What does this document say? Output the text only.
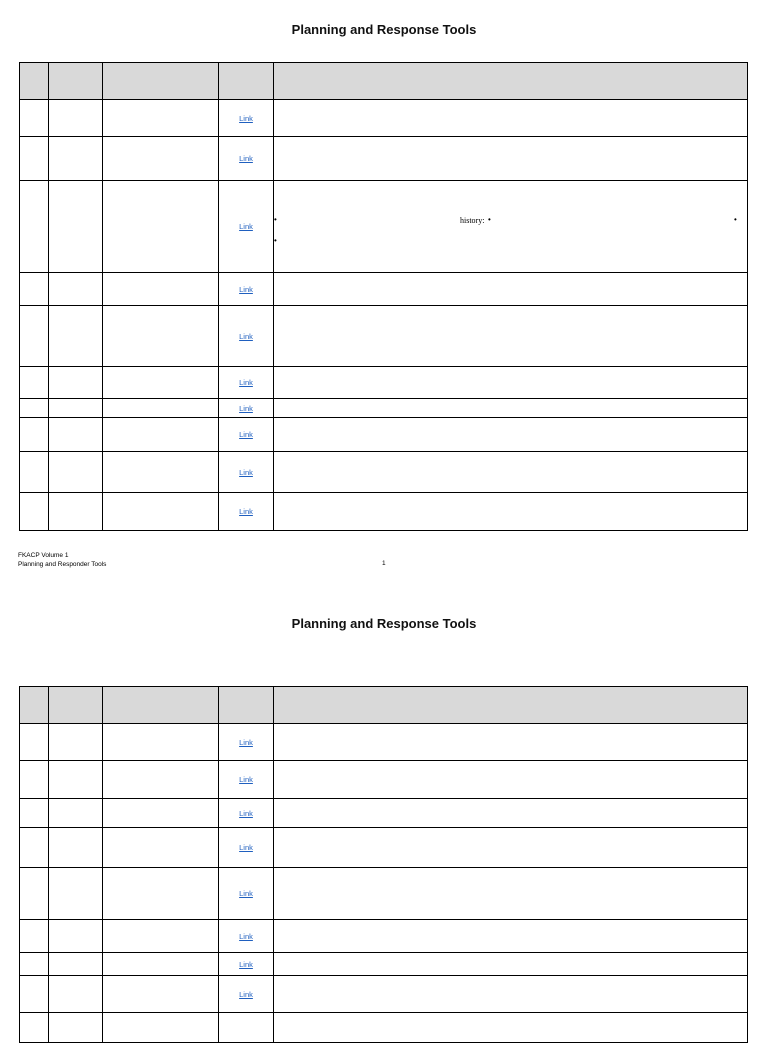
Planning and Response Tools

			Link	
			Link	
			Link	• history: • •
•

			Link	
			Link	
			Link	
			Link	
			Link	
			Link	
			Link	
FKACP Volume 1
Planning and Responder Tools	1
Planning and Response Tools

			Link	
			Link	
			Link	
			Link	
			Link	
			Link	
			Link	
			Link	
